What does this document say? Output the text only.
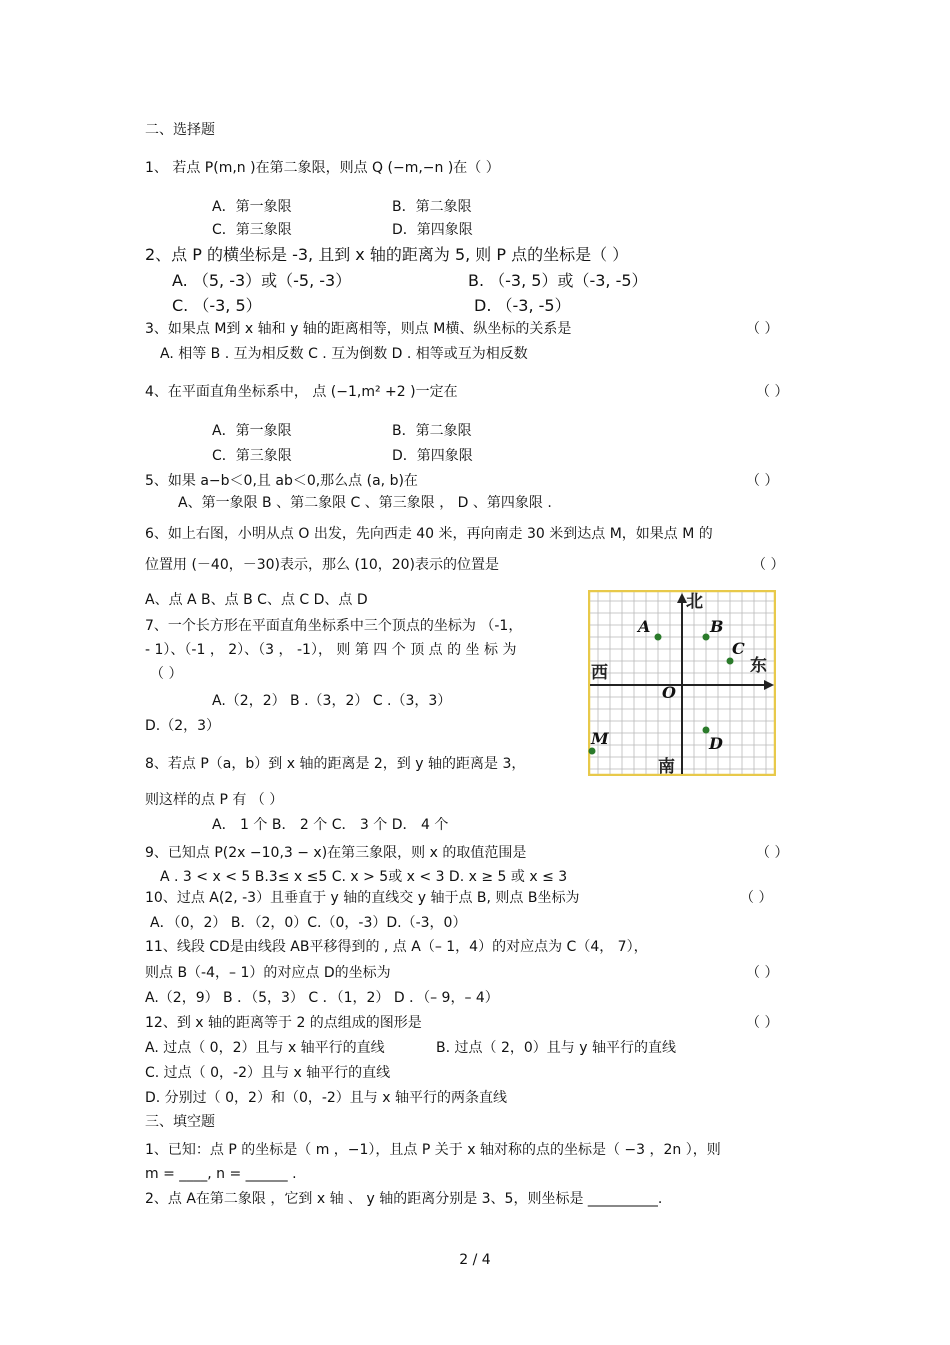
二、选择题
1、 若点 P(m,n )在第二象限，则点 Q (−m,−n )在（ ）
A．第一象限	B．第二象限
C．第三象限	D．第四象限
2、点 P 的横坐标是 -3, 且到 x 轴的距离为 5, 则 P 点的坐标是（ ）
A. （5, -3）或（-5, -3）	B. （-3, 5）或（-3, -5）
C. （-3, 5）	D. （-3, -5）
3、如果点 M到 x 轴和 y 轴的距离相等，则点 M横、纵坐标的关系是	（ ）
A. 相等 B . 互为相反数 C . 互为倒数 D . 相等或互为相反数
4、在平面直角坐标系中， 点 (−1,m² +2 )一定在	（ ）
A．第一象限	B．第二象限
C．第三象限	D．第四象限
5、如果 a−b＜0,且 ab＜0,那么点 (a, b)在	（ ）
A、第一象限 B 、第二象限 C 、第三象限 ， D 、第四象限 .
6、如上右图，小明从点 O 出发，先向西走 40 米，再向南走 30 米到达点 M，如果点 M 的
位置用 (－40，－30)表示，那么 (10，20)表示的位置是	（ ）
A、点 A B、点 B C、点 C D、点 D
7、一个长方形在平面直角坐标系中三个顶点的坐标为 （-1，
- 1）、（-1 ， 2）、（3 ， -1）， 则 第 四 个 顶 点 的 坐 标 为
（ ）
A.（2，2） B .（3，2） C .（3，3）
D.（2，3）
8、若点 P（a，b）到 x 轴的距离是 2，到 y 轴的距离是 3，
则这样的点 P 有 （ ）
A． 1 个 B． 2 个 C． 3 个 D． 4 个
9、已知点 P(2x −10,3 − x)在第三象限，则 x 的取值范围是	（ ）
A . 3 < x < 5 B.3≤ x ≤5 C. x > 5或 x < 3 D. x ≥ 5 或 x ≤ 3
10、过点 A(2, -3）且垂直于 y 轴的直线交 y 轴于点 B, 则点 B坐标为	（ ）
A．（0，2） B．（2，0）C.（0，-3）D.（-3，0）
11、线段 CD是由线段 AB平移得到的 , 点 A（– 1，4）的对应点为 C（4， 7），
则点 B（-4，– 1）的对应点 D的坐标为	（ ）
A.（2，9） B ．（5，3） C ．（1，2） D ．（– 9，– 4）
12、到 x 轴的距离等于 2 的点组成的图形是	（ ）
A. 过点（ 0，2）且与 x 轴平行的直线	B. 过点（ 2，0）且与 y 轴平行的直线
C. 过点（ 0，-2）且与 x 轴平行的直线
D. 分别过（ 0，2）和（0，-2）且与 x 轴平行的两条直线
三、填空题
1、已知：点 P 的坐标是（ m ，−1），且点 P 关于 x 轴对称的点的坐标是（ −3 ，2n ），则
m = ____, n = ______ .
2、点 A在第二象限 ，它到 x 轴 、 y 轴的距离分别是 3、5，则坐标是 __________.
北
南
东
西
A	B
C
O
M	D
2 / 4
